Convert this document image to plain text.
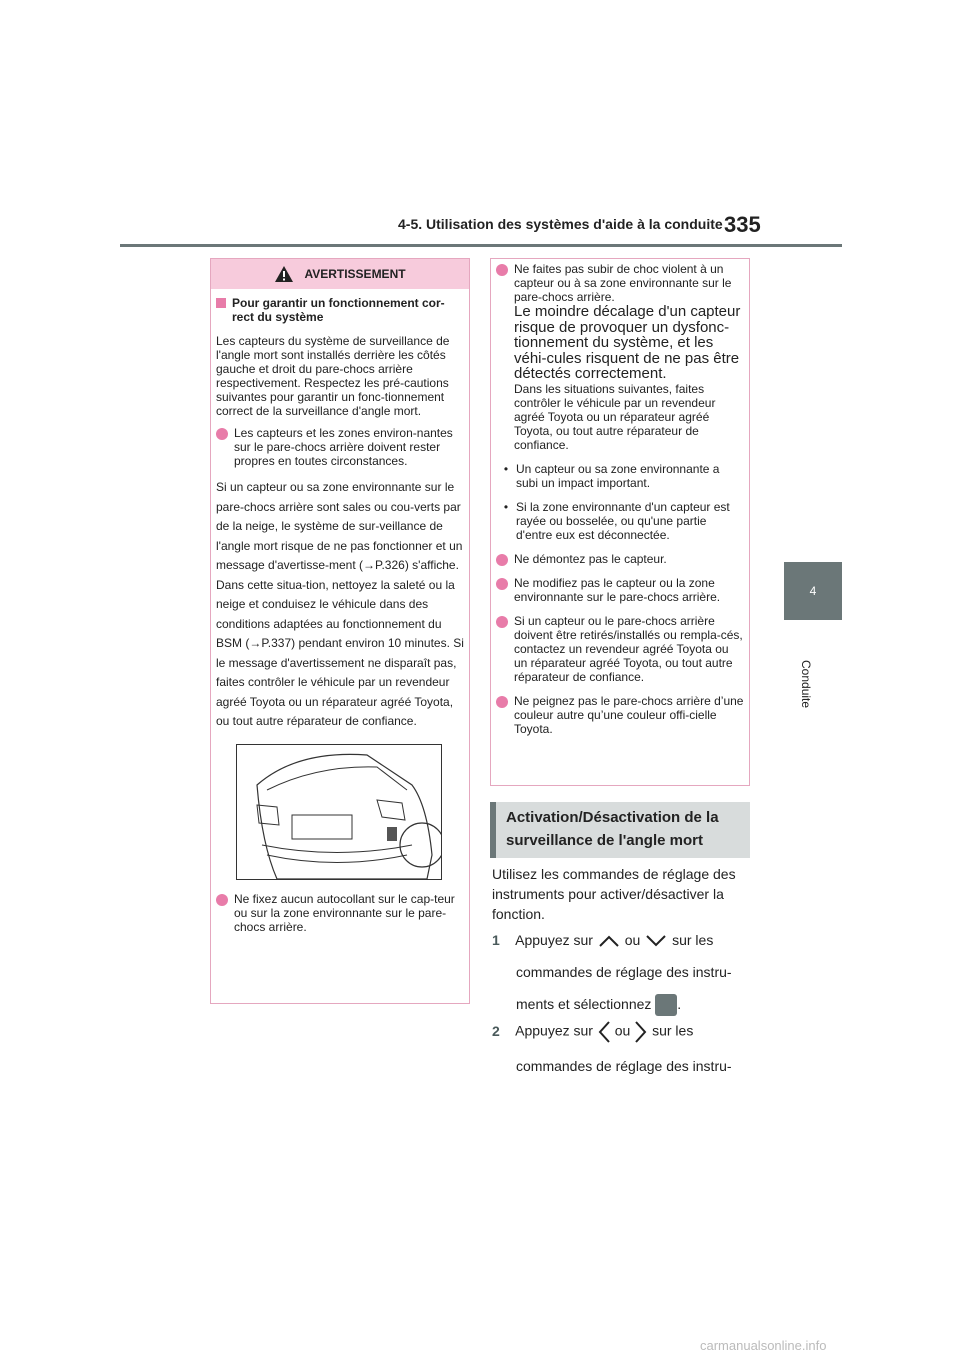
4-5. Utilisation des systèmes d'aide à la conduite 335
4
Conduite
AVERTISSEMENT
Pour garantir un fonctionnement cor-rect du système

Les capteurs du système de surveillance de l'angle mort sont installés derrière les côtés gauche et droit du pare-chocs arrière respectivement. Respectez les pré-cautions suivantes pour garantir un fonc-tionnement correct de la surveillance d'angle mort.

Les capteurs et les zones environ-nantes sur le pare-chocs arrière doivent rester propres en toutes circonstances.

Si un capteur ou sa zone environnante sur le pare-chocs arrière sont sales ou cou-verts par de la neige, le système de sur-veillance de l'angle mort risque de ne pas fonctionner et un message d'avertisse-ment (→P.326) s'affiche. Dans cette situa-tion, nettoyez la saleté ou la neige et conduisez le véhicule dans des conditions adaptées au fonctionnement du BSM (→P.337) pendant environ 10 minutes. Si le message d'avertissement ne disparaît pas, faites contrôler le véhicule par un revendeur agréé Toyota ou un réparateur agréé Toyota, ou tout autre réparateur de confiance.

Ne fixez aucun autocollant sur le cap-teur ou sur la zone environnante sur le pare-chocs arrière.
Ne faites pas subir de choc violent à un capteur ou à sa zone environnante sur le pare-chocs arrière.
Le moindre décalage d'un capteur risque de provoquer un dysfonc-tionnement du système, et les véhi-cules risquent de ne pas être détectés correctement.
Dans les situations suivantes, faites contrôler le véhicule par un revendeur agréé Toyota ou un réparateur agréé Toyota, ou tout autre réparateur de confiance.
• Un capteur ou sa zone environnante a subi un impact important.
• Si la zone environnante d'un capteur est rayée ou bosselée, ou qu'une partie d'entre eux est déconnectée.
Ne démontez pas le capteur.
Ne modifiez pas le capteur ou la zone environnante sur le pare-chocs arrière.
Si un capteur ou le pare-chocs arrière doivent être retirés/installés ou rempla-cés, contactez un revendeur agréé Toyota ou un réparateur agréé Toyota, ou tout autre réparateur de confiance.
Ne peignez pas le pare-chocs arrière d’une couleur autre qu’une couleur offi-cielle Toyota.
Activation/Désactivation de la surveillance de l'angle mort
Utilisez les commandes de réglage des instruments pour activer/désactiver la fonction.
1 Appuyez sur ou sur les
commandes de réglage des instru-
ments et sélectionnez .
2 Appuyez sur ou sur les
commandes de réglage des instru-
carmanualsonline.info
